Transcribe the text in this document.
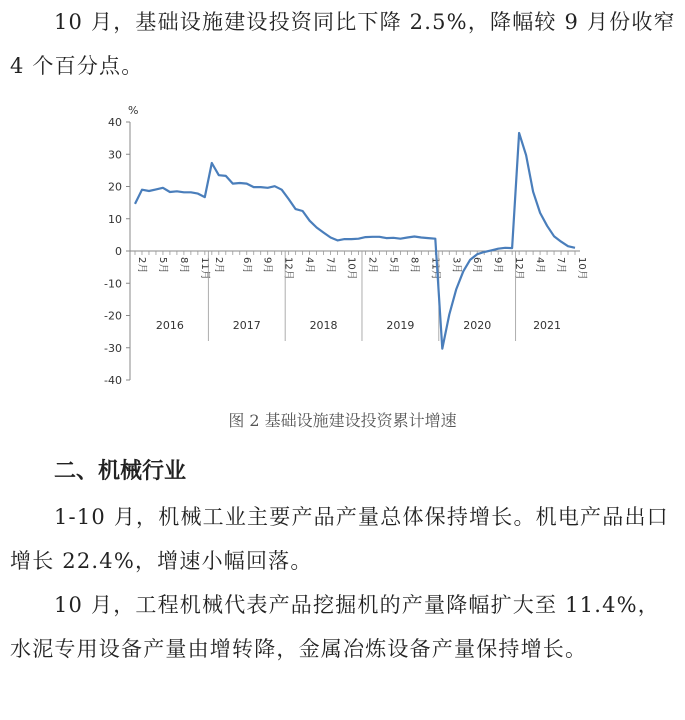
10 月，基础设施建设投资同比下降 2.5%，降幅较 9 月份收窄 4 个百分点。

-40
-30
-20
-10
0
10
20
30
40
%
2月 5月 8月 11月 2月 6月 9月 12月 4月 7月 10月 2月 5月 8月 11月 3月 6月 9月 12月 4月 7月 10月
2016	2017	2018	2019	2020	2021

图 2 基础设施建设投资累计增速

二、机械行业

1-10 月，机械工业主要产品产量总体保持增长。机电产品出口增长 22.4%，增速小幅回落。

10 月，工程机械代表产品挖掘机的产量降幅扩大至 11.4%，水泥专用设备产量由增转降，金属冶炼设备产量保持增长。
